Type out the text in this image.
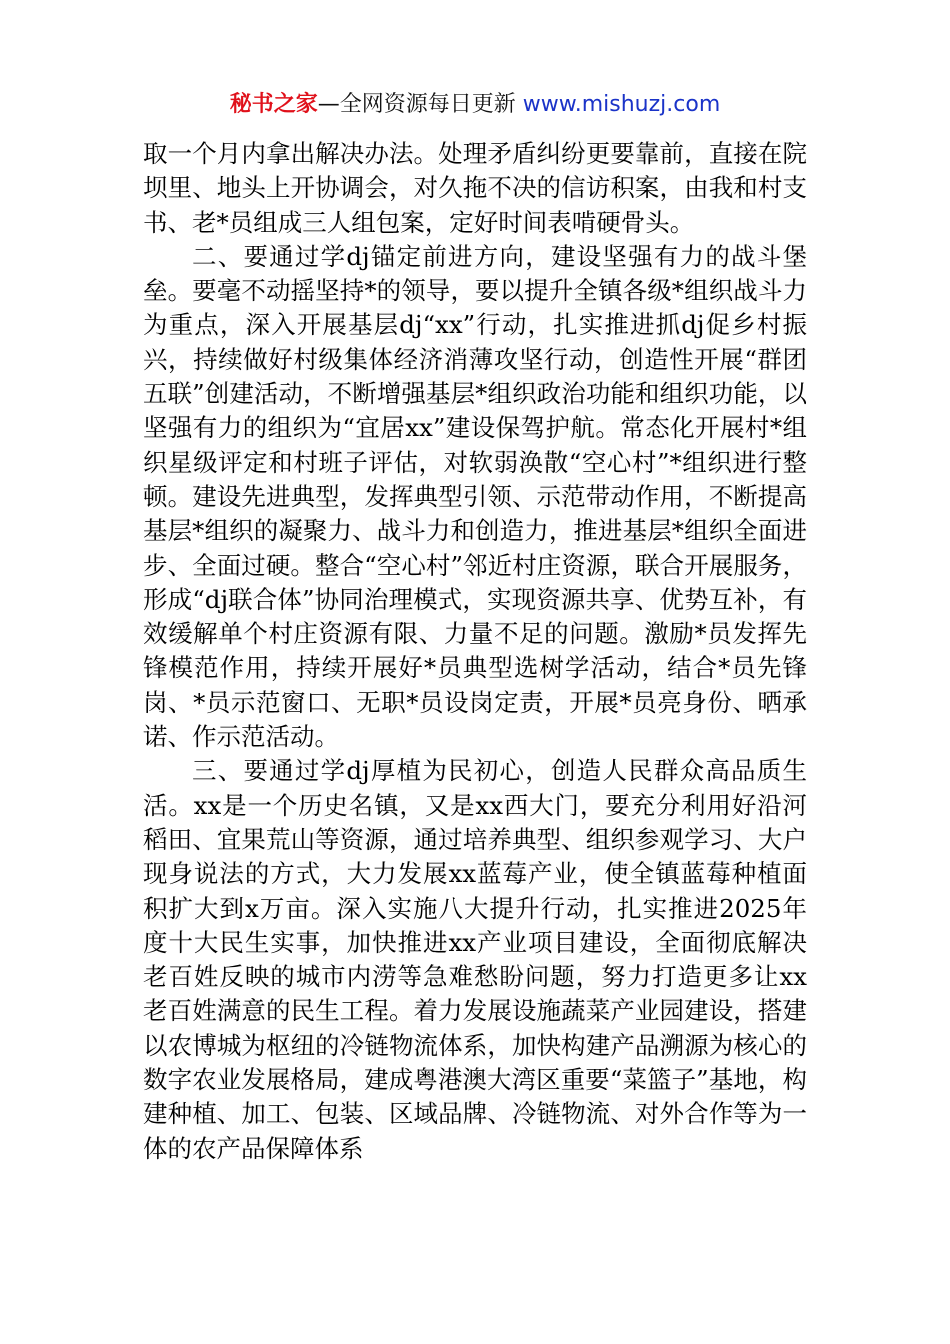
秘书之家—全网资源每日更新 www.mishuzj.com

取一个月内拿出解决办法。处理矛盾纠纷更要靠前，直接在院坝里、地头上开协调会，对久拖不决的信访积案，由我和村支书、老*员组成三人组包案，定好时间表啃硬骨头。

二、要通过学dj锚定前进方向，建设坚强有力的战斗堡垒。要毫不动摇坚持*的领导，要以提升全镇各级*组织战斗力为重点，深入开展基层dj“xx”行动，扎实推进抓dj促乡村振兴，持续做好村级集体经济消薄攻坚行动，创造性开展“群团五联”创建活动，不断增强基层*组织政治功能和组织功能，以坚强有力的组织为“宜居xx”建设保驾护航。常态化开展村*组织星级评定和村班子评估，对软弱涣散“空心村”*组织进行整顿。建设先进典型，发挥典型引领、示范带动作用，不断提高基层*组织的凝聚力、战斗力和创造力，推进基层*组织全面进步、全面过硬。整合“空心村”邻近村庄资源，联合开展服务，形成“dj联合体”协同治理模式，实现资源共享、优势互补，有效缓解单个村庄资源有限、力量不足的问题。激励*员发挥先锋模范作用，持续开展好*员典型选树学活动，结合*员先锋岗、*员示范窗口、无职*员设岗定责，开展*员亮身份、晒承诺、作示范活动。

三、要通过学dj厚植为民初心，创造人民群众高品质生活。xx是一个历史名镇，又是xx西大门，要充分利用好沿河稻田、宜果荒山等资源，通过培养典型、组织参观学习、大户现身说法的方式，大力发展xx蓝莓产业，使全镇蓝莓种植面积扩大到x万亩。深入实施八大提升行动，扎实推进2025年度十大民生实事，加快推进xx产业项目建设，全面彻底解决老百姓反映的城市内涝等急难愁盼问题，努力打造更多让xx老百姓满意的民生工程。着力发展设施蔬菜产业园建设，搭建以农博城为枢纽的冷链物流体系，加快构建产品溯源为核心的数字农业发展格局，建成粤港澳大湾区重要“菜篮子”基地，构建种植、加工、包装、区域品牌、冷链物流、对外合作等为一体的农产品保障体系
